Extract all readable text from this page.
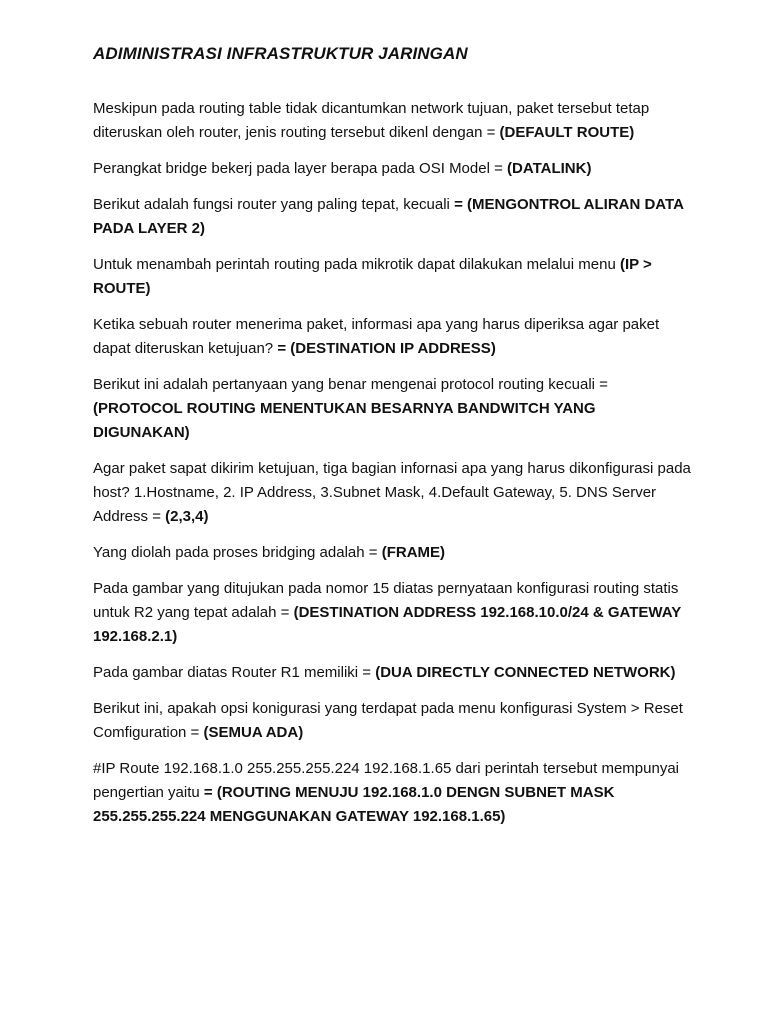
ADIMINISTRASI INFRASTRUKTUR JARINGAN

Meskipun pada routing table tidak dicantumkan network tujuan, paket tersebut tetap diteruskan oleh router, jenis routing tersebut dikenl dengan = (DEFAULT ROUTE)

Perangkat bridge bekerj pada layer berapa pada OSI Model = (DATALINK)

Berikut adalah fungsi router yang paling tepat, kecuali = (MENGONTROL ALIRAN DATA PADA LAYER 2)

Untuk menambah perintah routing pada mikrotik dapat dilakukan melalui menu (IP > ROUTE)

Ketika sebuah router menerima paket, informasi apa yang harus diperiksa agar paket dapat diteruskan ketujuan? = (DESTINATION IP ADDRESS)

Berikut ini adalah pertanyaan yang benar mengenai protocol routing kecuali = (PROTOCOL ROUTING MENENTUKAN BESARNYA BANDWITCH YANG DIGUNAKAN)

Agar paket sapat dikirim ketujuan, tiga bagian infornasi apa yang harus dikonfigurasi pada host? 1.Hostname, 2. IP Address, 3.Subnet Mask, 4.Default Gateway, 5. DNS Server Address = (2,3,4)

Yang diolah pada proses bridging adalah = (FRAME)

Pada gambar yang ditujukan pada nomor 15 diatas pernyataan konfigurasi routing statis untuk R2 yang tepat adalah = (DESTINATION ADDRESS 192.168.10.0/24 & GATEWAY 192.168.2.1)

Pada gambar diatas Router R1 memiliki = (DUA DIRECTLY CONNECTED NETWORK)

Berikut ini, apakah opsi konigurasi yang terdapat pada menu konfigurasi System > Reset Comfiguration = (SEMUA ADA)

#IP Route 192.168.1.0 255.255.255.224 192.168.1.65 dari perintah tersebut mempunyai pengertian yaitu = (ROUTING MENUJU 192.168.1.0 DENGN SUBNET MASK 255.255.255.224 MENGGUNAKAN GATEWAY 192.168.1.65)
